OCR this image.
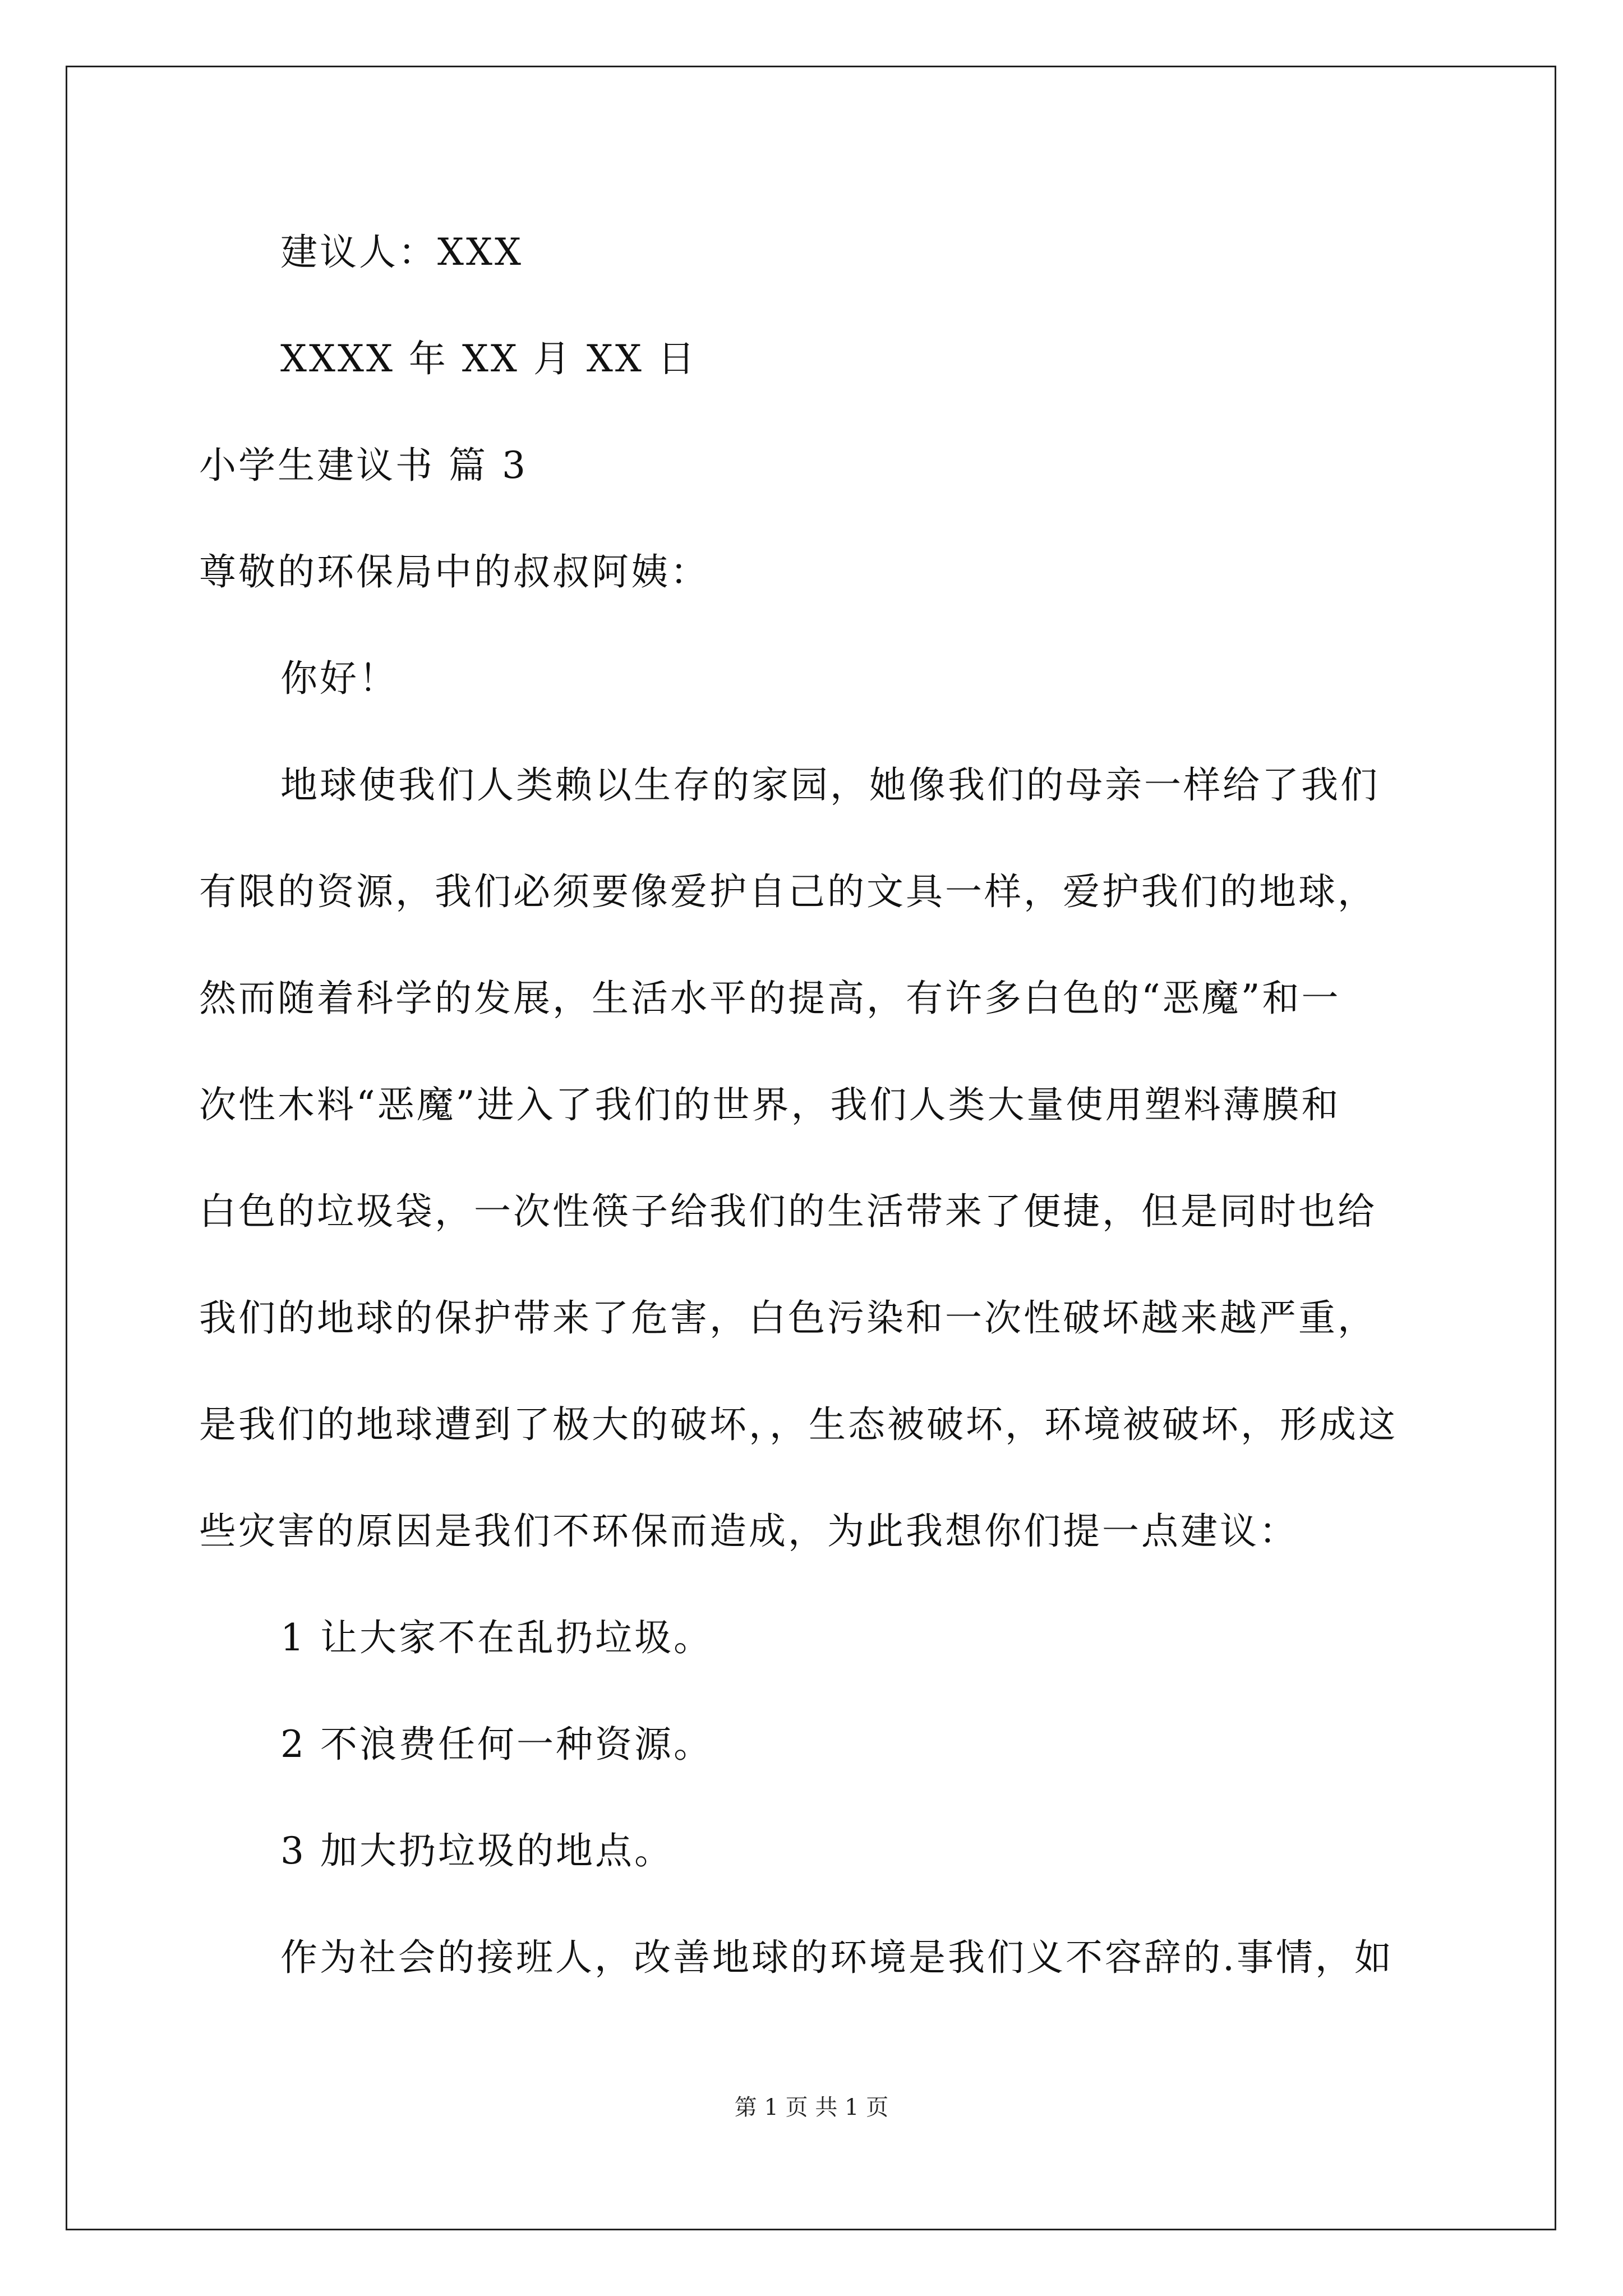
建议人：XXX
XXXX 年 XX 月 XX 日
小学生建议书 篇 3
尊敬的环保局中的叔叔阿姨：
你好！
地球使我们人类赖以生存的家园，她像我们的母亲一样给了我们
有限的资源，我们必须要像爱护自己的文具一样，爱护我们的地球，
然而随着科学的发展，生活水平的提高，有许多白色的“恶魔”和一
次性木料“恶魔”进入了我们的世界，我们人类大量使用塑料薄膜和
白色的垃圾袋，一次性筷子给我们的生活带来了便捷，但是同时也给
我们的地球的保护带来了危害，白色污染和一次性破坏越来越严重，
是我们的地球遭到了极大的破坏，，生态被破坏，环境被破坏，形成这
些灾害的原因是我们不环保而造成，为此我想你们提一点建议：
1 让大家不在乱扔垃圾。
2 不浪费任何一种资源。
3 加大扔垃圾的地点。
作为社会的接班人，改善地球的环境是我们义不容辞的.事情，如
第 1 页 共 1 页
